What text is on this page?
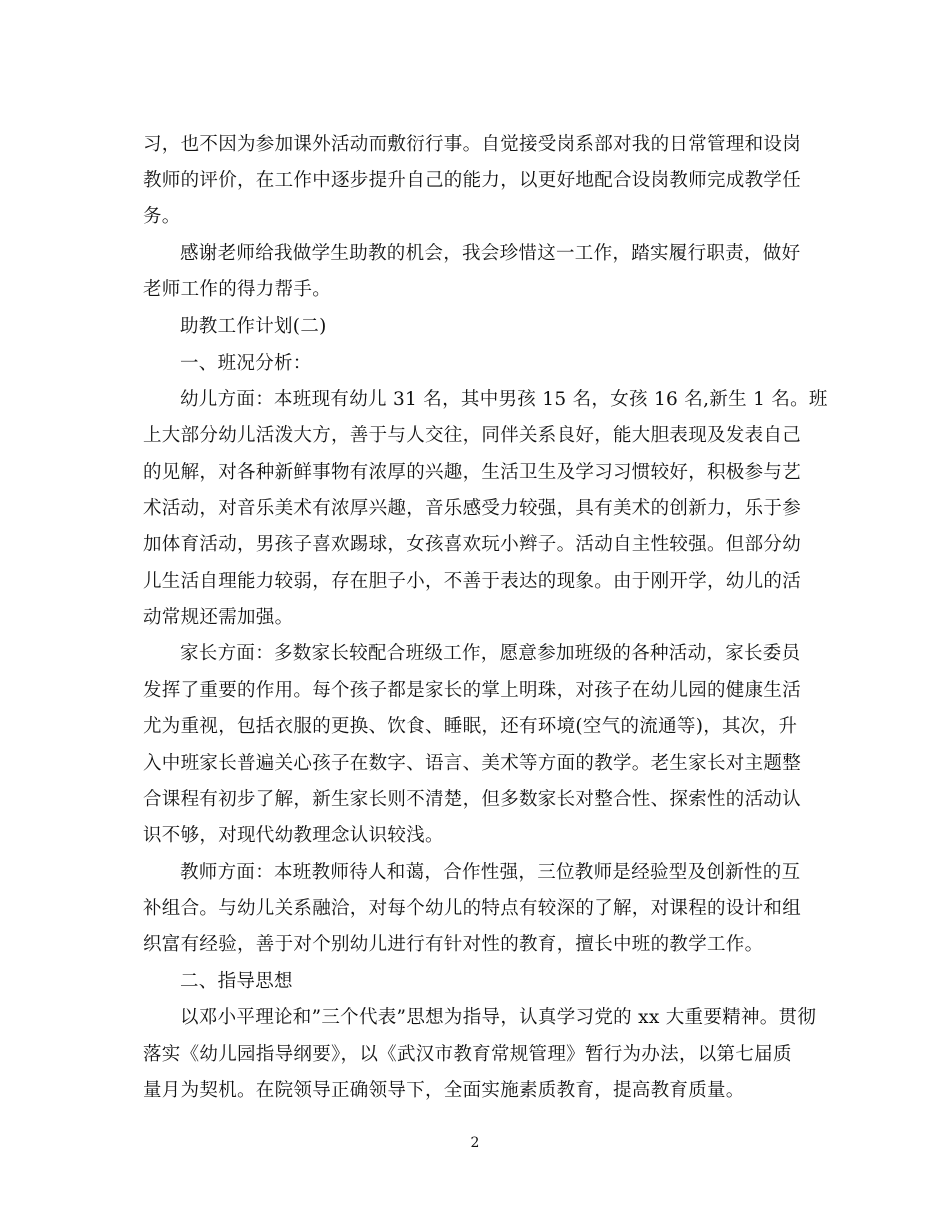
习，也不因为参加课外活动而敷衍行事。自觉接受岗系部对我的日常管理和设岗
教师的评价，在工作中逐步提升自己的能力，以更好地配合设岗教师完成教学任
务。
感谢老师给我做学生助教的机会，我会珍惜这一工作，踏实履行职责，做好
老师工作的得力帮手。
助教工作计划(二)
一、班况分析：
幼儿方面：本班现有幼儿 31 名，其中男孩 15 名，女孩 16 名,新生 1 名。班
上大部分幼儿活泼大方，善于与人交往，同伴关系良好，能大胆表现及发表自己
的见解，对各种新鲜事物有浓厚的兴趣，生活卫生及学习习惯较好，积极参与艺
术活动，对音乐美术有浓厚兴趣，音乐感受力较强，具有美术的创新力，乐于参
加体育活动，男孩子喜欢踢球，女孩喜欢玩小辫子。活动自主性较强。但部分幼
儿生活自理能力较弱，存在胆子小，不善于表达的现象。由于刚开学，幼儿的活
动常规还需加强。
家长方面：多数家长较配合班级工作，愿意参加班级的各种活动，家长委员
发挥了重要的作用。每个孩子都是家长的掌上明珠，对孩子在幼儿园的健康生活
尤为重视，包括衣服的更换、饮食、睡眠，还有环境(空气的流通等)，其次，升
入中班家长普遍关心孩子在数字、语言、美术等方面的教学。老生家长对主题整
合课程有初步了解，新生家长则不清楚，但多数家长对整合性、探索性的活动认
识不够，对现代幼教理念认识较浅。
教师方面：本班教师待人和蔼，合作性强，三位教师是经验型及创新性的互
补组合。与幼儿关系融洽，对每个幼儿的特点有较深的了解，对课程的设计和组
织富有经验，善于对个别幼儿进行有针对性的教育，擅长中班的教学工作。
二、指导思想
以邓小平理论和”三个代表”思想为指导，认真学习党的 xx 大重要精神。贯彻
落实《幼儿园指导纲要》，以《武汉市教育常规管理》暂行为办法，以第七届质
量月为契机。在院领导正确领导下，全面实施素质教育，提高教育质量。
2
